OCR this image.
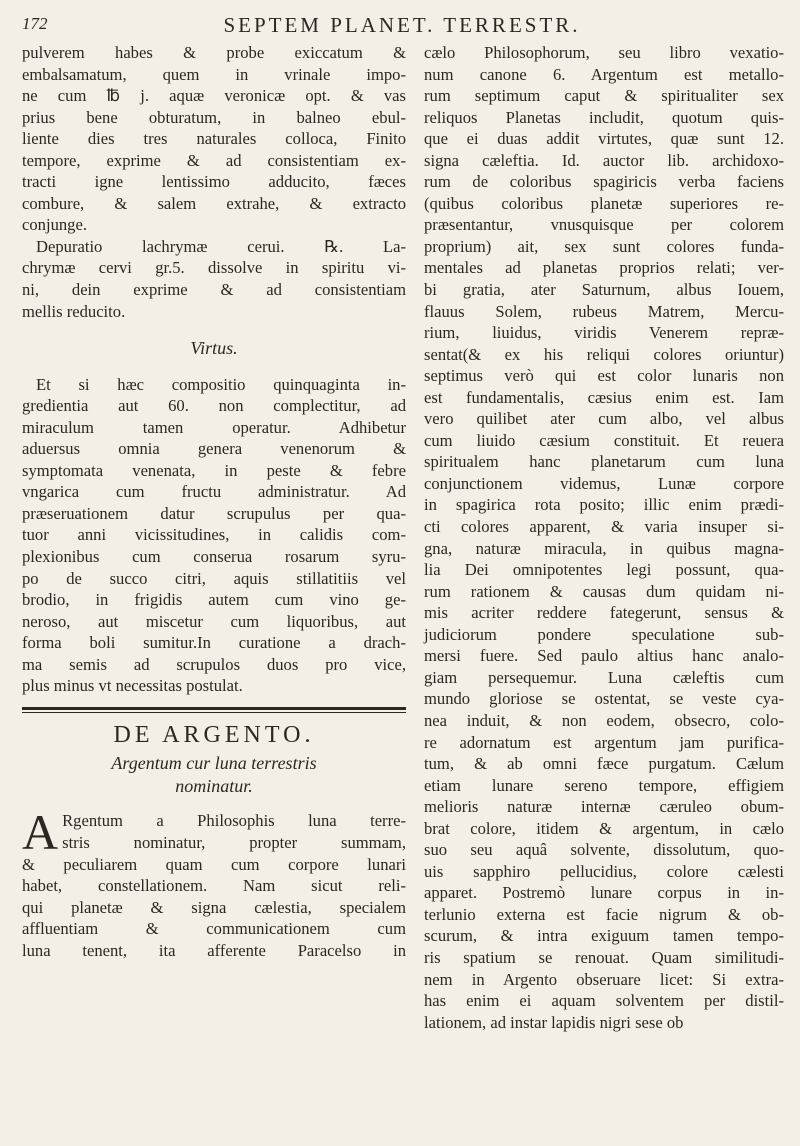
172	SEPTEM PLANET. TERRESTR.

pulverem habes & probe exiccatum &

embalsamatum, quem in vrinale impo-

ne cum ℔ j. aquæ veronicæ opt. & vas

prius bene obturatum, in balneo ebul-

liente dies tres naturales colloca, Finito

tempore, exprime & ad consistentiam ex-

tracti igne lentissimo adducito, fæces

combure, & salem extrahe, & extracto

conjunge.

Depuratio lachrymæ cerui. ℞. La-

chrymæ cervi gr.5. dissolve in spiritu vi-

ni, dein exprime & ad consistentiam

mellis reducito.

Virtus.

Et si hæc compositio quinquaginta in-

gredientia aut 60. non complectitur, ad

miraculum tamen operatur. Adhibetur

aduersus omnia genera venenorum &

symptomata venenata, in peste & febre

vngarica cum fructu administratur. Ad

præseruationem datur scrupulus per qua-

tuor anni vicissitudines, in calidis com-

plexionibus cum conserua rosarum syru-

po de succo citri, aquis stillatitiis vel

brodio, in frigidis autem cum vino ge-

neroso, aut miscetur cum liquoribus, aut

forma boli sumitur.In curatione a drach-

ma semis ad scrupulos duos pro vice,

plus minus vt necessitas postulat.

DE ARGENTO.
Argentum cur luna terrestris
nominatur.
A Rgentum a Philosophis luna terre-

stris nominatur, propter summam,

& peculiarem quam cum corpore lunari

habet, constellationem. Nam sicut reli-

qui planetæ & signa cælestia, specialem

affluentiam & communicationem cum

luna tenent, ita afferente Paracelso in

cælo Philosophorum, seu libro vexatio-

num canone 6. Argentum est metallo-

rum septimum caput & spiritualiter sex

reliquos Planetas includit, quotum quis-

que ei duas addit virtutes, quæ sunt 12.

signa cæleftia. Id. auctor lib. archidoxo-

rum de coloribus spagiricis verba faciens

(quibus coloribus planetæ superiores re-

præsentantur, vnusquisque per colorem

proprium) ait, sex sunt colores funda-

mentales ad planetas proprios relati; ver-

bi gratia, ater Saturnum, albus Iouem,

flauus Solem, rubeus Matrem, Mercu-

rium, liuidus, viridis Venerem repræ-

sentat(& ex his reliqui colores oriuntur)

septimus verò qui est color lunaris non

est fundamentalis, cæsius enim est. Iam

vero quilibet ater cum albo, vel albus

cum liuido cæsium constituit. Et reuera

spiritualem hanc planetarum cum luna

conjunctionem videmus, Lunæ corpore

in spagirica rota posito; illic enim prædi-

cti colores apparent, & varia insuper si-

gna, naturæ miracula, in quibus magna-

lia Dei omnipotentes legi possunt, qua-

rum rationem & causas dum quidam ni-

mis acriter reddere fategerunt, sensus &

judiciorum pondere speculatione sub-

mersi fuere. Sed paulo altius hanc analo-

giam persequemur. Luna cæleftis cum

mundo gloriose se ostentat, se veste cya-

nea induit, & non eodem, obsecro, colo-

re adornatum est argentum jam purifica-

tum, & ab omni fæce purgatum. Cælum

etiam lunare sereno tempore, effigiem

melioris naturæ internæ cæruleo obum-

brat colore, itidem & argentum, in cælo

suo seu aquâ solvente, dissolutum, quo-

uis sapphiro pellucidius, colore cælesti

apparet. Postremò lunare corpus in in-

terlunio externa est facie nigrum & ob-

scurum, & intra exiguum tamen tempo-

ris spatium se renouat. Quam similitudi-

nem in Argento obseruare licet: Si extra-

has enim ei aquam solventem per distil-

lationem, ad instar lapidis nigri sese ob
